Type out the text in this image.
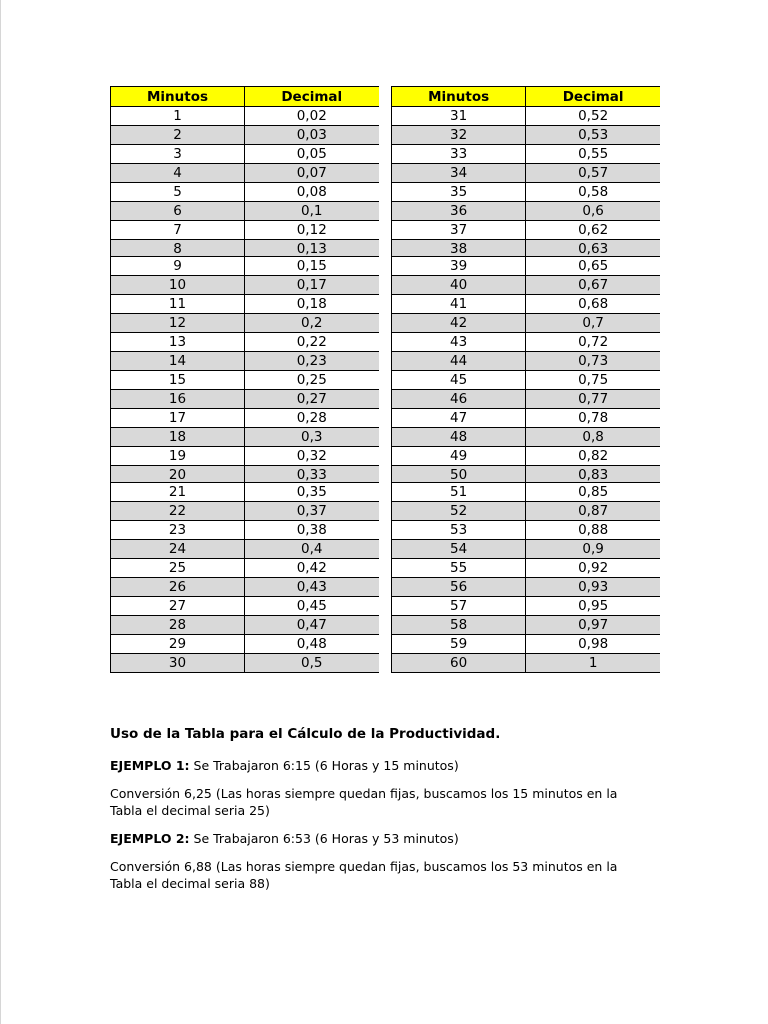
Minutos	Decimal
1	0,02
2	0,03
3	0,05
4	0,07
5	0,08
6	0,1
7	0,12
8	0,13
9	0,15
10	0,17
11	0,18
12	0,2
13	0,22
14	0,23
15	0,25
16	0,27
17	0,28
18	0,3
19	0,32
20	0,33
21	0,35
22	0,37
23	0,38
24	0,4
25	0,42
26	0,43
27	0,45
28	0,47
29	0,48
30	0,5
Minutos	Decimal
31	0,52
32	0,53
33	0,55
34	0,57
35	0,58
36	0,6
37	0,62
38	0,63
39	0,65
40	0,67
41	0,68
42	0,7
43	0,72
44	0,73
45	0,75
46	0,77
47	0,78
48	0,8
49	0,82
50	0,83
51	0,85
52	0,87
53	0,88
54	0,9
55	0,92
56	0,93
57	0,95
58	0,97
59	0,98
60	1
Uso de la Tabla para el Cálculo de la Productividad.

EJEMPLO 1: Se Trabajaron 6:15 (6 Horas y 15 minutos)

Conversión 6,25 (Las horas siempre quedan fijas, buscamos los 15 minutos en la Tabla el decimal seria 25)

EJEMPLO 2: Se Trabajaron 6:53 (6 Horas y 53 minutos)

Conversión 6,88 (Las horas siempre quedan fijas, buscamos los 53 minutos en la Tabla el decimal seria 88)
